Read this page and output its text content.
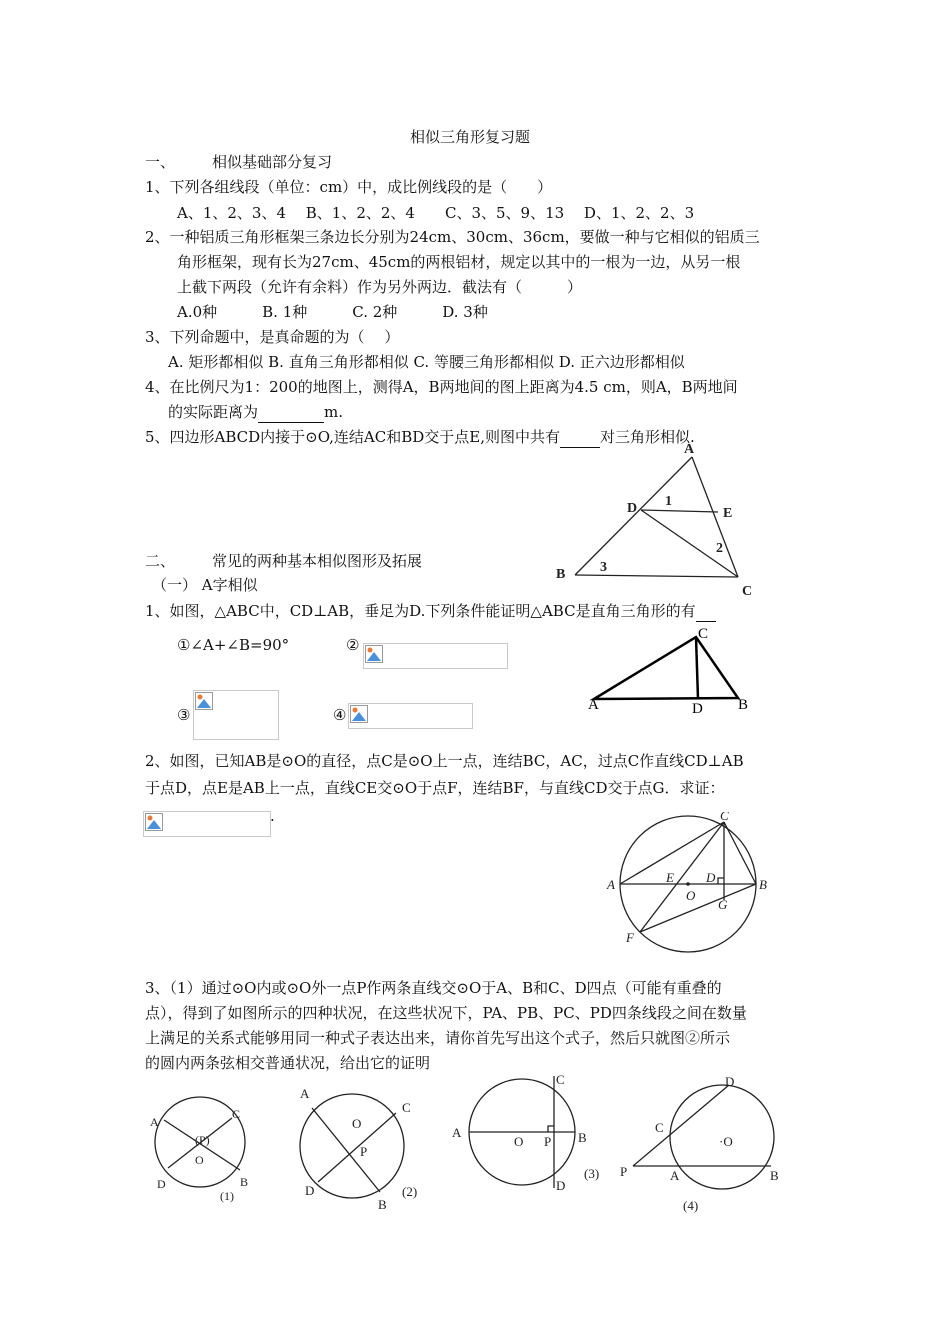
相似三角形复习题
一、 相似基础部分复习
1、下列各组线段（单位：cm）中，成比例线段的是（　　）
A、1、2、3、4　 B、1、2、2、4　　C、3、5、9、13　 D、1、2、2、3
2、一种铝质三角形框架三条边长分别为24cm、30cm、36cm，要做一种与它相似的铝质三
角形框架，现有长为27cm、45cm的两根铝材，规定以其中的一根为一边，从另一根
上截下两段（允许有余料）作为另外两边．截法有（　　　）
A.0种　　　B. 1种　　　C. 2种　　　D. 3种
3、下列命题中，是真命题的为（　 ）
A. 矩形都相似 B. 直角三角形都相似 C. 等腰三角形都相似 D. 正六边形都相似
4、在比例尺为1：200的地图上，测得A，B两地间的图上距离为4.5 cm，则A，B两地间
的实际距离为	m.
5、四边形ABCD内接于⊙O,连结AC和BD交于点E,则图中共有	对三角形相似.
A
D	E
B
C
1
2
3
二、 常见的两种基本相似图形及拓展
（一） A字相似
1、如图，△ABC中，CD⊥AB，垂足为D.下列条件能证明△ABC是直角三角形的有
①∠A+∠B=90°	②
③	④
C
A	D B
2、如图，已知AB是⊙O的直径，点C是⊙O上一点，连结BC，AC，过点C作直线CD⊥AB
于点D，点E是AB上一点，直线CE交⊙O于点F，连结BF，与直线CD交于点G．求证：
.	C
A	B
D
E
O
G
F
3、（1）通过⊙O内或⊙O外一点P作两条直线交⊙O于A、B和C、D四点（可能有重叠的
点），得到了如图所示的四种状况，在这些状况下，PA、PB、PC、PD四条线段之间在数量
上满足的关系式能够用同一种式子表达出来，请你首先写出这个式子，然后只就图②所示
的圆内两条弦相交普通状况，给出它的证明
A
C
(P)
O
D	B
(1)
A
C
O
P
D
B
(2)
C
A
O P B
D
(3)
D
C
·O
P	A	B
(4)
